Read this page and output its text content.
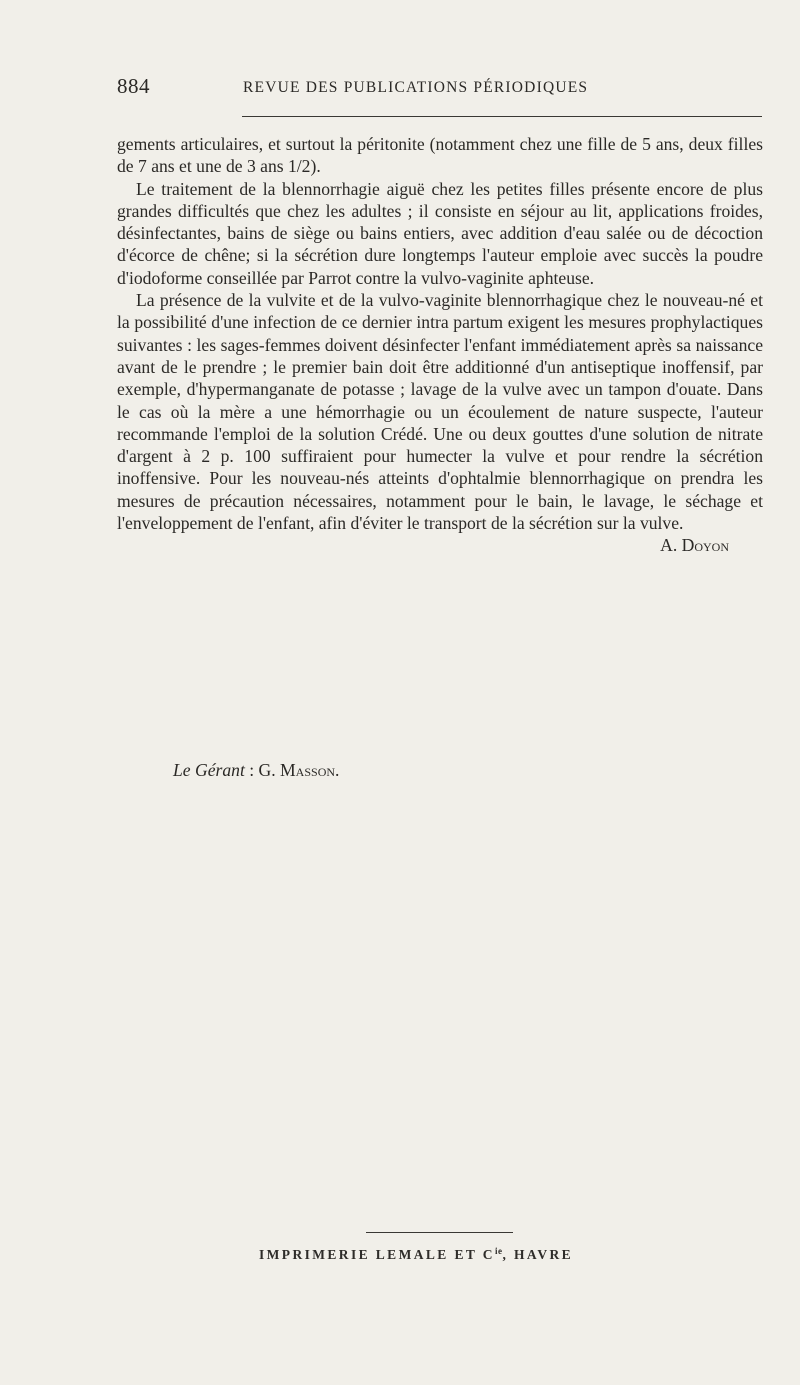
884	REVUE DES PUBLICATIONS PÉRIODIQUES

gements articulaires, et surtout la péritonite (notamment chez une fille de 5 ans, deux filles de 7 ans et une de 3 ans 1/2).

Le traitement de la blennorrhagie aiguë chez les petites filles présente encore de plus grandes difficultés que chez les adultes ; il consiste en séjour au lit, applications froides, désinfectantes, bains de siège ou bains entiers, avec addition d'eau salée ou de décoction d'écorce de chêne; si la sécrétion dure longtemps l'auteur emploie avec succès la poudre d'iodoforme conseillée par Parrot contre la vulvo-vaginite aphteuse.

La présence de la vulvite et de la vulvo-vaginite blennorrhagique chez le nouveau-né et la possibilité d'une infection de ce dernier intra partum exigent les mesures prophylactiques suivantes : les sages-femmes doivent désinfecter l'enfant immédiatement après sa naissance avant de le prendre ; le premier bain doit être additionné d'un antiseptique inoffensif, par exemple, d'hypermanganate de potasse ; lavage de la vulve avec un tampon d'ouate. Dans le cas où la mère a une hémorrhagie ou un écoulement de nature suspecte, l'auteur recommande l'emploi de la solution Crédé. Une ou deux gouttes d'une solution de nitrate d'argent à 2 p. 100 suffiraient pour humecter la vulve et pour rendre la sécrétion inoffensive. Pour les nouveau-nés atteints d'ophtalmie blennorrhagique on prendra les mesures de précaution nécessaires, notamment pour le bain, le lavage, le séchage et l'enveloppement de l'enfant, afin d'éviter le transport de la sécrétion sur la vulve.
A. Doyon

Le Gérant : G. Masson.
IMPRIMERIE LEMALE ET $C^{ie}$, HAVRE
